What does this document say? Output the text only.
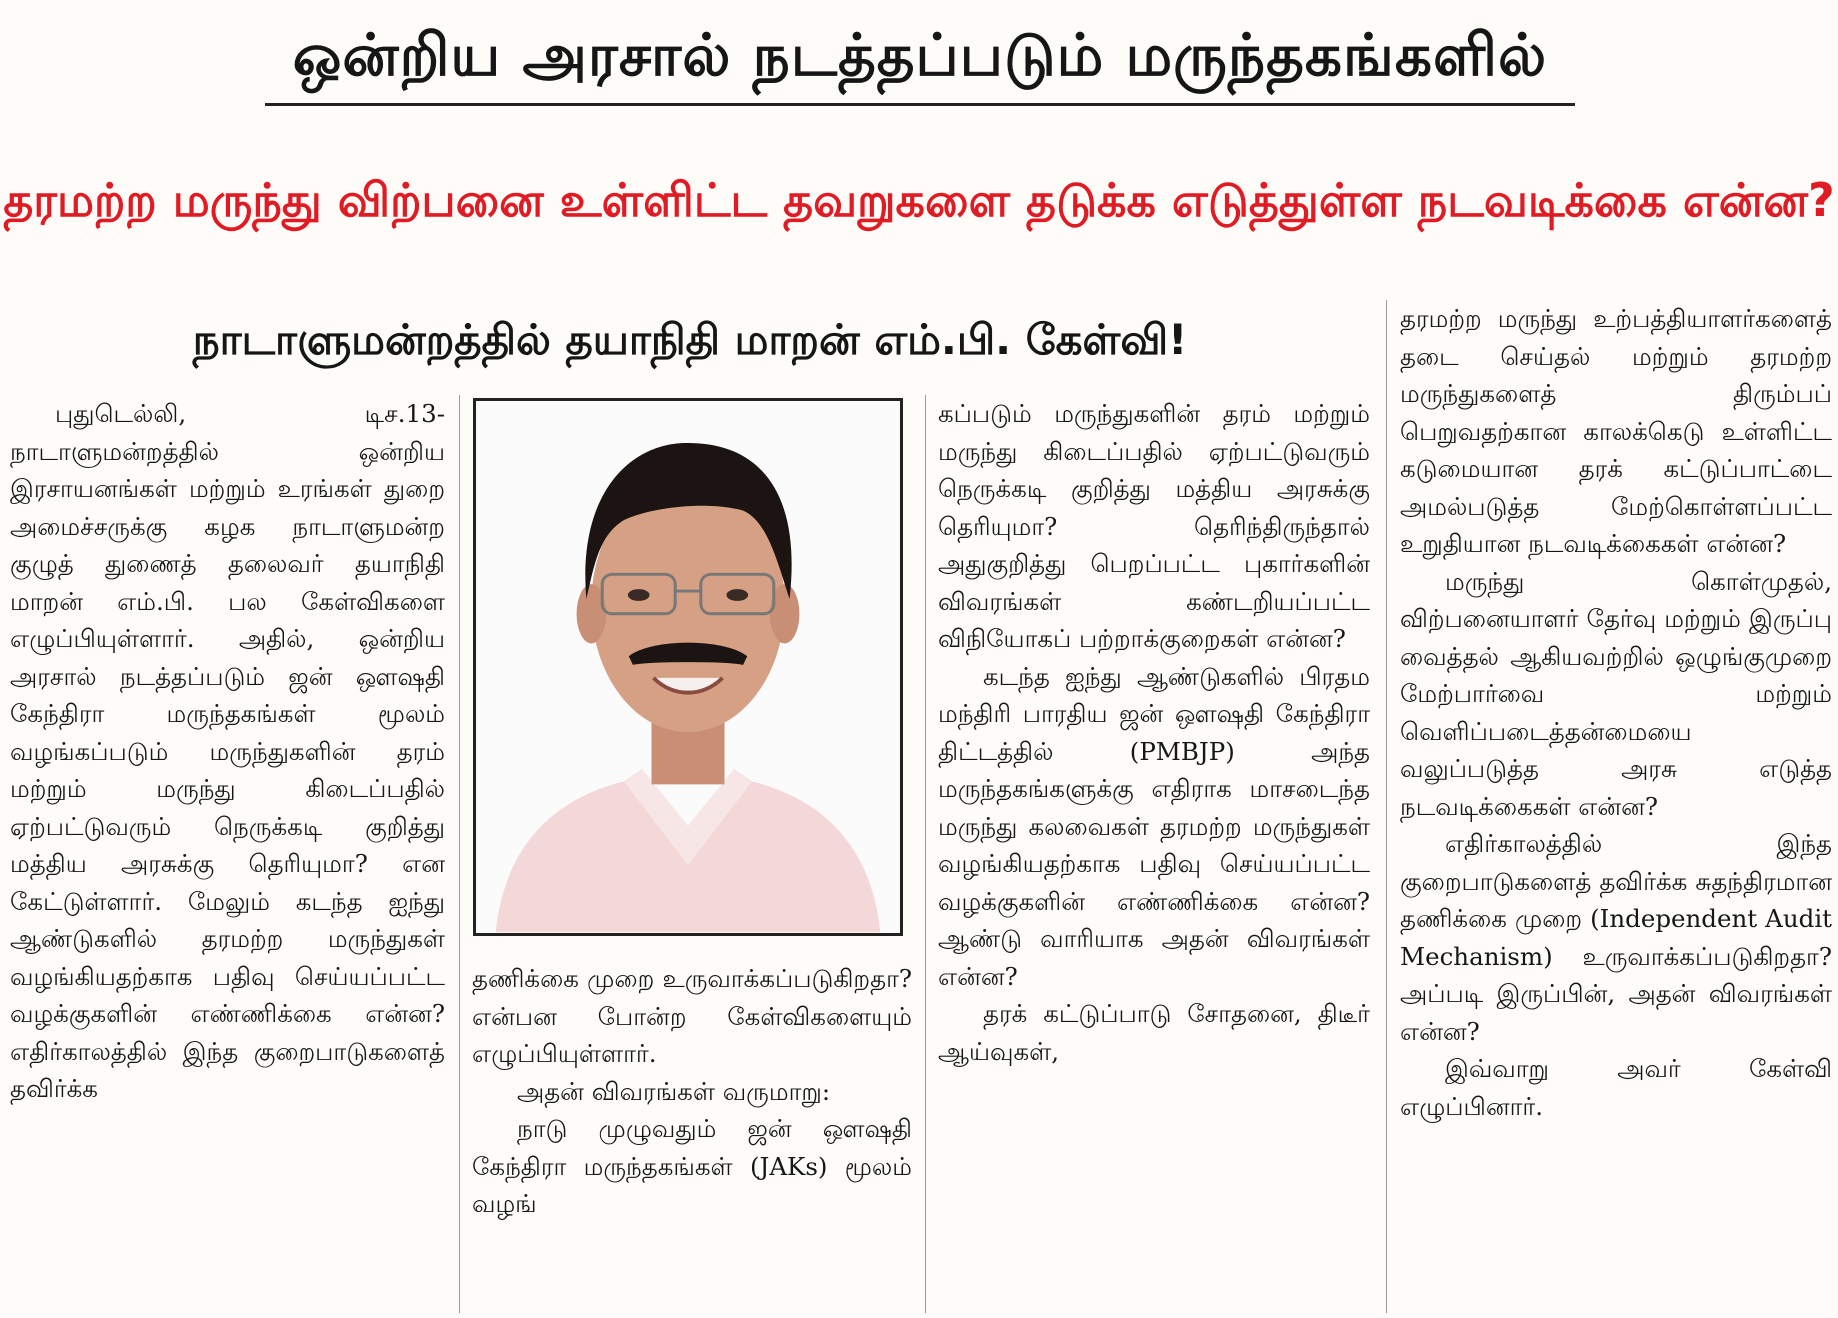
ஒன்றிய அரசால் நடத்தப்படும் மருந்தகங்களில்
தரமற்ற மருந்து விற்பனை உள்ளிட்ட தவறுகளை தடுக்க எடுத்துள்ள நடவடிக்கை என்ன?
நாடாளுமன்றத்தில் தயாநிதி மாறன் எம்.பி. கேள்வி!

புதுடெல்லி, டிச.13- நாடாளுமன்றத்தில் ஒன்றிய இரசாயனங்கள் மற்றும் உரங்கள் துறை அமைச்சருக்கு கழக நாடாளுமன்ற குழுத் துணைத் தலைவர் தயாநிதி மாறன் எம்.பி. பல கேள்விகளை எழுப்பியுள்ளார். அதில், ஒன்றிய அரசால் நடத்தப்படும் ஜன் ஔஷதி கேந்திரா மருந்தகங்கள் மூலம் வழங்கப்படும் மருந்துகளின் தரம் மற்றும் மருந்து கிடைப்பதில் ஏற்பட்டுவரும் நெருக்கடி குறித்து மத்திய அரசுக்கு தெரியுமா? என கேட்டுள்ளார். மேலும் கடந்த ஐந்து ஆண்டுகளில் தரமற்ற மருந்துகள் வழங்கியதற்காக பதிவு செய்யப்பட்ட வழக்குகளின் எண்ணிக்கை என்ன? எதிர்காலத்தில் இந்த குறைபாடுகளைத் தவிர்க்க

தணிக்கை முறை உருவாக்கப்படுகிறதா? என்பன போன்ற கேள்விகளையும் எழுப்பியுள்ளார்.

அதன் விவரங்கள் வருமாறு:

நாடு முழுவதும் ஜன் ஔஷதி கேந்திரா மருந்தகங்கள் (JAKs) மூலம் வழங்

கப்படும் மருந்துகளின் தரம் மற்றும் மருந்து கிடைப்பதில் ஏற்பட்டுவரும் நெருக்கடி குறித்து மத்திய அரசுக்கு தெரியுமா? தெரிந்திருந்தால் அதுகுறித்து பெறப்பட்ட புகார்களின் விவரங்கள் கண்டறியப்பட்ட விநியோகப் பற்றாக்குறைகள் என்ன?

கடந்த ஐந்து ஆண்டுகளில் பிரதம மந்திரி பாரதிய ஜன் ஔஷதி கேந்திரா திட்டத்தில் (PMBJP) அந்த மருந்தகங்களுக்கு எதிராக மாசடைந்த மருந்து கலவைகள் தரமற்ற மருந்துகள் வழங்கியதற்காக பதிவு செய்யப்பட்ட வழக்குகளின் எண்ணிக்கை என்ன? ஆண்டு வாரியாக அதன் விவரங்கள் என்ன?

தரக் கட்டுப்பாடு சோதனை, திடீர் ஆய்வுகள்,

தரமற்ற மருந்து உற்பத்தியாளர்களைத் தடை செய்தல் மற்றும் தரமற்ற மருந்துகளைத் திரும்பப் பெறுவதற்கான காலக்கெடு உள்ளிட்ட கடுமையான தரக் கட்டுப்பாட்டை அமல்படுத்த மேற்கொள்ளப்பட்ட உறுதியான நடவடிக்கைகள் என்ன?

மருந்து கொள்முதல், விற்பனையாளர் தேர்வு மற்றும் இருப்பு வைத்தல் ஆகியவற்றில் ஒழுங்குமுறை மேற்பார்வை மற்றும் வெளிப்படைத்தன்மையை வலுப்படுத்த அரசு எடுத்த நடவடிக்கைகள் என்ன?

எதிர்காலத்தில் இந்த குறைபாடுகளைத் தவிர்க்க சுதந்திரமான தணிக்கை முறை (Independent Audit Mechanism) உருவாக்கப்படுகிறதா? அப்படி இருப்பின், அதன் விவரங்கள் என்ன?

இவ்வாறு அவர் கேள்வி எழுப்பினார்.
